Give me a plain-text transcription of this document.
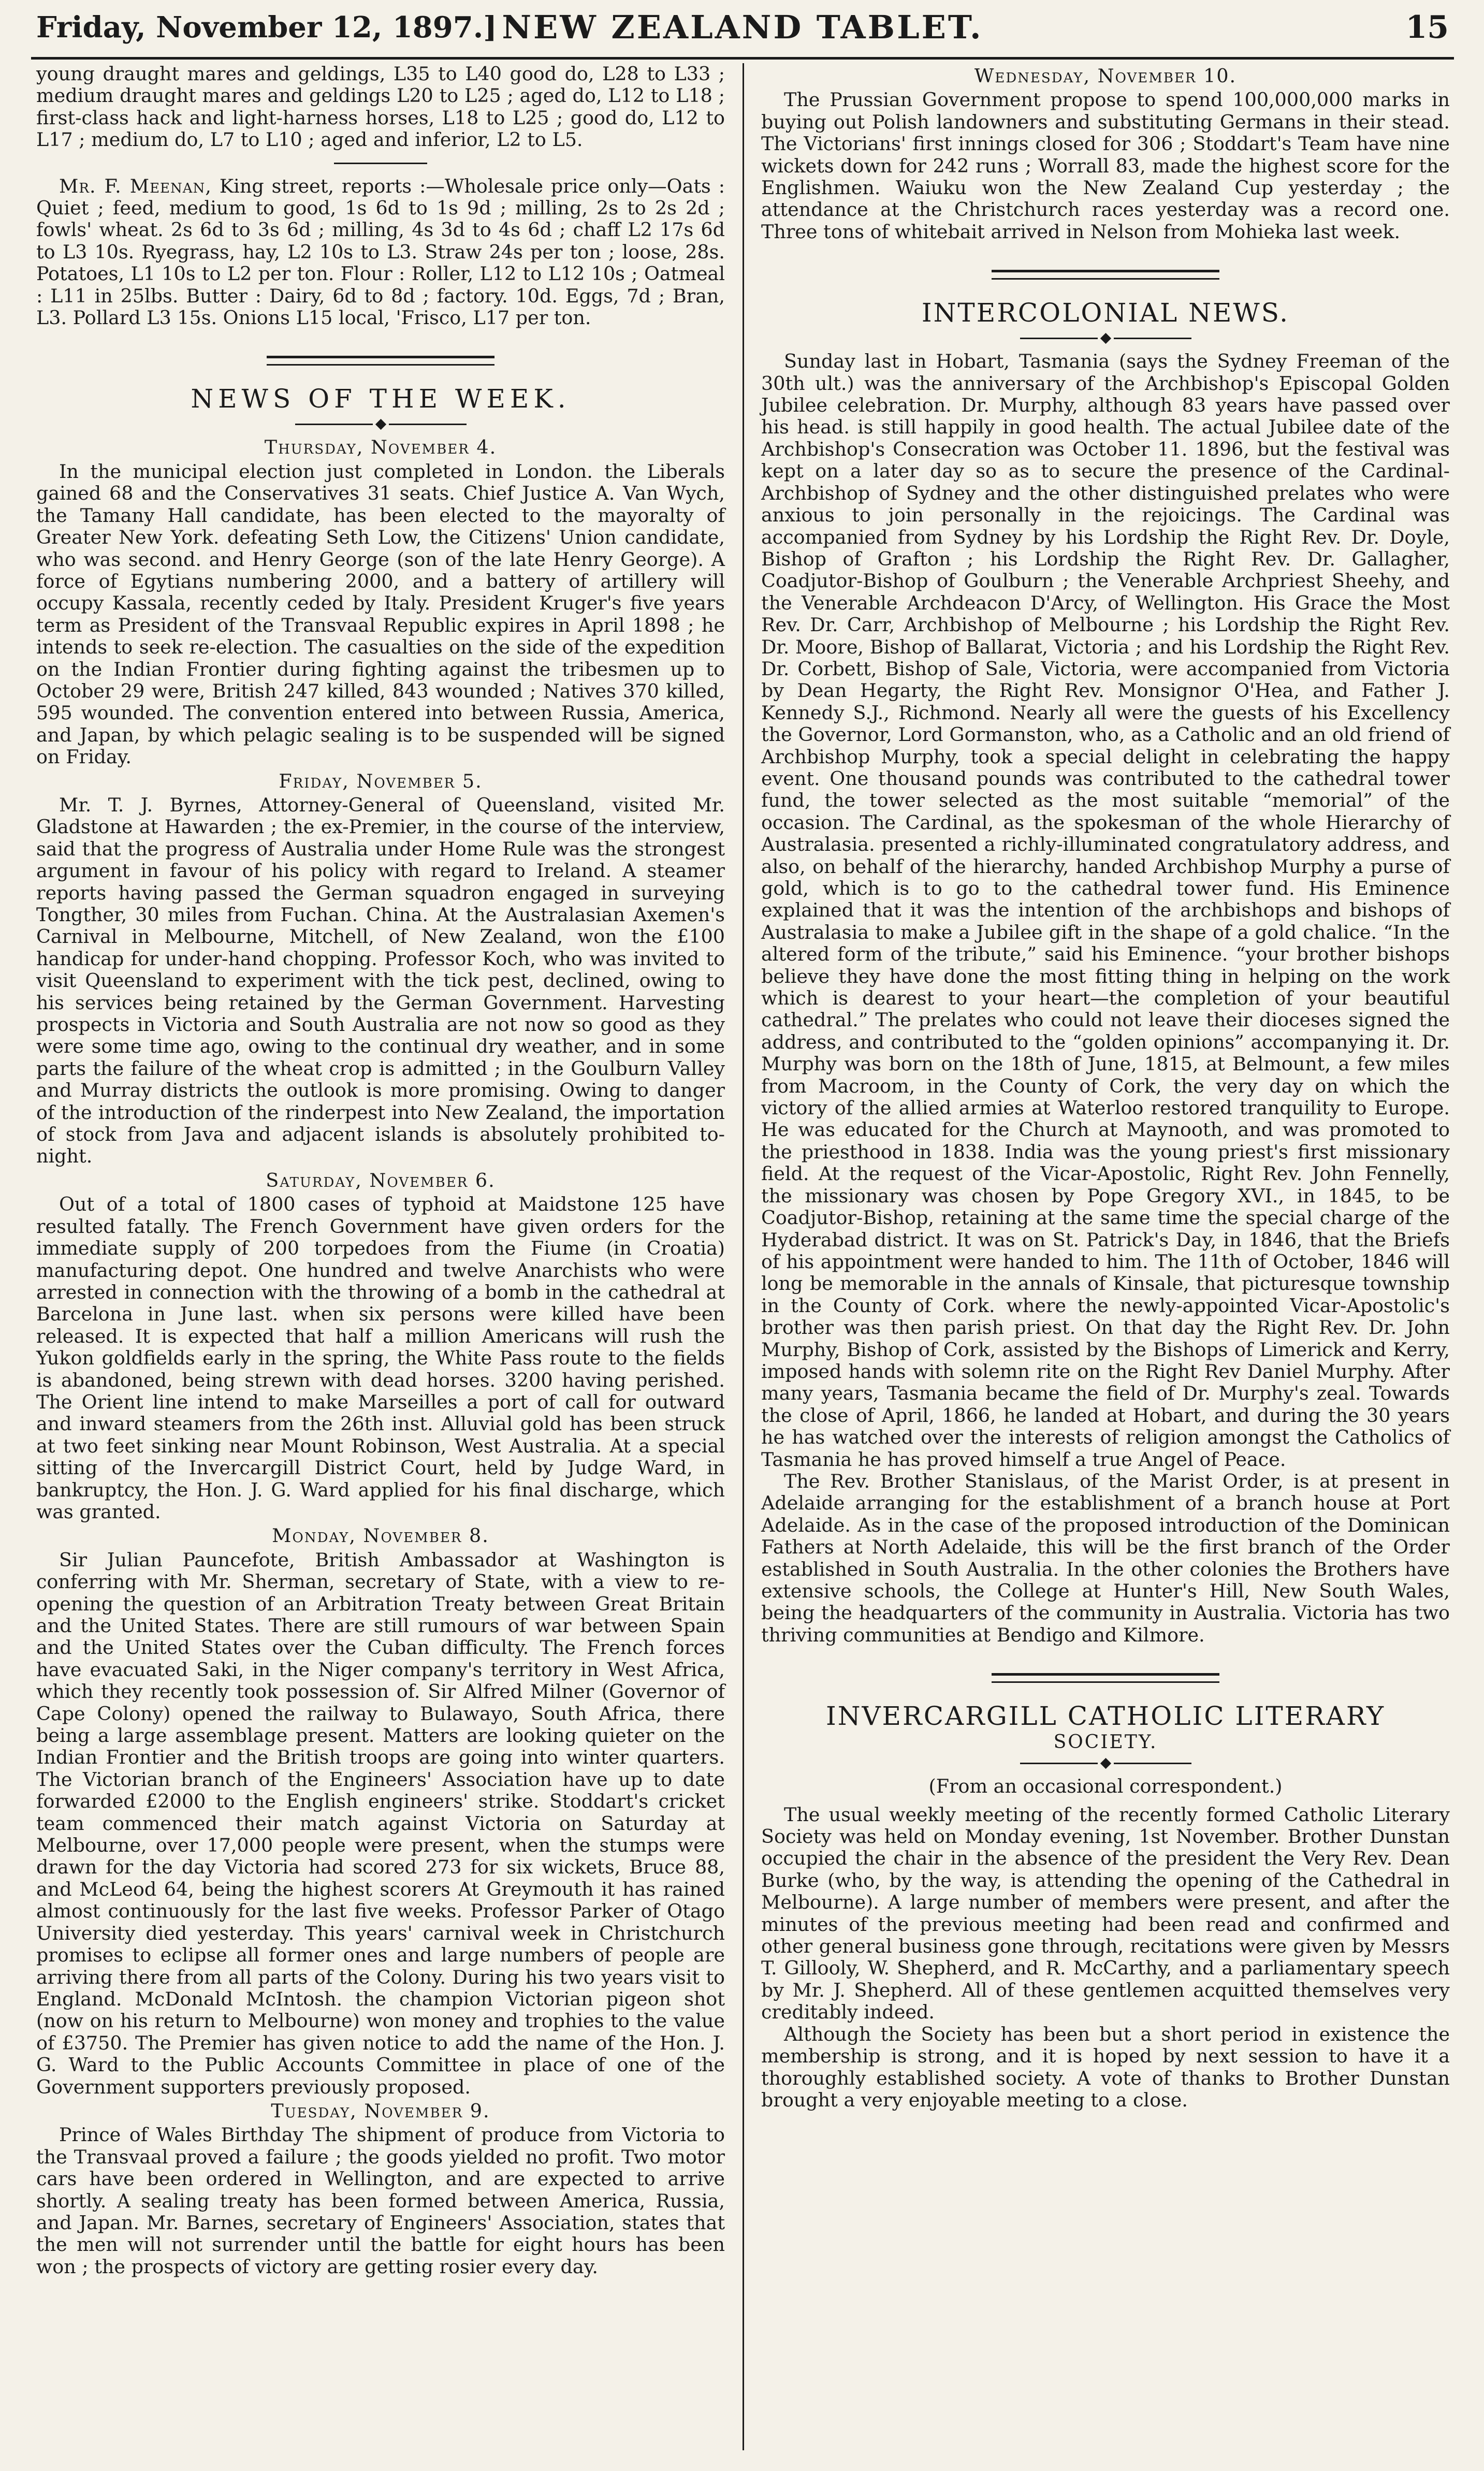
Friday, November 12, 1897.] NEW ZEALAND TABLET.	15

young draught mares and geldings, L35 to L40 good do, L28 to L33 ; medium draught mares and geldings L20 to L25 ; aged do, L12 to L18 ; first-class hack and light-harness horses, L18 to L25 ; good do, L12 to L17 ; medium do, L7 to L10 ; aged and inferior, L2 to L5.

Mr. F. Meenan, King street, reports :—Wholesale price only—Oats : Quiet ; feed, medium to good, 1s 6d to 1s 9d ; milling, 2s to 2s 2d ; fowls' wheat. 2s 6d to 3s 6d ; milling, 4s 3d to 4s 6d ; chaff L2 17s 6d to L3 10s. Ryegrass, hay, L2 10s to L3. Straw 24s per ton ; loose, 28s. Potatoes, L1 10s to L2 per ton. Flour : Roller, L12 to L12 10s ; Oatmeal : L11 in 25lbs. Butter : Dairy, 6d to 8d ; factory. 10d. Eggs, 7d ; Bran, L3. Pollard L3 15s. Onions L15 local, 'Frisco, L17 per ton.

NEWS OF THE WEEK.
Thursday, November 4.

In the municipal election just completed in London. the Liberals gained 68 and the Conservatives 31 seats. Chief Justice A. Van Wych, the Tamany Hall candidate, has been elected to the mayoralty of Greater New York. defeating Seth Low, the Citizens' Union candidate, who was second. and Henry George (son of the late Henry George). A force of Egytians numbering 2000, and a battery of artillery will occupy Kassala, recently ceded by Italy. President Kruger's five years term as President of the Transvaal Republic expires in April 1898 ; he intends to seek re-election. The casualties on the side of the expedition on the Indian Frontier during fighting against the tribesmen up to October 29 were, British 247 killed, 843 wounded ; Natives 370 killed, 595 wounded. The convention entered into between Russia, America, and Japan, by which pelagic sealing is to be suspended will be signed on Friday.

Friday, November 5.

Mr. T. J. Byrnes, Attorney-General of Queensland, visited Mr. Gladstone at Hawarden ; the ex-Premier, in the course of the interview, said that the progress of Australia under Home Rule was the strongest argument in favour of his policy with regard to Ireland. A steamer reports having passed the German squadron engaged in surveying Tongther, 30 miles from Fuchan. China. At the Australasian Axemen's Carnival in Melbourne, Mitchell, of New Zealand, won the £100 handicap for under-hand chopping. Professor Koch, who was invited to visit Queensland to experiment with the tick pest, declined, owing to his services being retained by the German Government. Harvesting prospects in Victoria and South Australia are not now so good as they were some time ago, owing to the continual dry weather, and in some parts the failure of the wheat crop is admitted ; in the Goulburn Valley and Murray districts the outlook is more promising. Owing to danger of the introduction of the rinderpest into New Zealand, the importation of stock from Java and adjacent islands is absolutely prohibited to-night.

Saturday, November 6.

Out of a total of 1800 cases of typhoid at Maidstone 125 have resulted fatally. The French Government have given orders for the immediate supply of 200 torpedoes from the Fiume (in Croatia) manufacturing depot. One hundred and twelve Anarchists who were arrested in connection with the throwing of a bomb in the cathedral at Barcelona in June last. when six persons were killed have been released. It is expected that half a million Americans will rush the Yukon goldfields early in the spring, the White Pass route to the fields is abandoned, being strewn with dead horses. 3200 having perished. The Orient line intend to make Marseilles a port of call for outward and inward steamers from the 26th inst. Alluvial gold has been struck at two feet sinking near Mount Robinson, West Australia. At a special sitting of the Invercargill District Court, held by Judge Ward, in bankruptcy, the Hon. J. G. Ward applied for his final discharge, which was granted.

Monday, November 8.

Sir Julian Pauncefote, British Ambassador at Washington is conferring with Mr. Sherman, secretary of State, with a view to re-opening the question of an Arbitration Treaty between Great Britain and the United States. There are still rumours of war between Spain and the United States over the Cuban difficulty. The French forces have evacuated Saki, in the Niger company's territory in West Africa, which they recently took possession of. Sir Alfred Milner (Governor of Cape Colony) opened the railway to Bulawayo, South Africa, there being a large assemblage present. Matters are looking quieter on the Indian Frontier and the British troops are going into winter quarters. The Victorian branch of the Engineers' Association have up to date forwarded £2000 to the English engineers' strike. Stoddart's cricket team commenced their match against Victoria on Saturday at Melbourne, over 17,000 people were present, when the stumps were drawn for the day Victoria had scored 273 for six wickets, Bruce 88, and McLeod 64, being the highest scorers At Greymouth it has rained almost continuously for the last five weeks. Professor Parker of Otago University died yesterday. This years' carnival week in Christchurch promises to eclipse all former ones and large numbers of people are arriving there from all parts of the Colony. During his two years visit to England. McDonald McIntosh. the champion Victorian pigeon shot (now on his return to Melbourne) won money and trophies to the value of £3750. The Premier has given notice to add the name of the Hon. J. G. Ward to the Public Accounts Committee in place of one of the Government supporters previously proposed.

Tuesday, November 9.

Prince of Wales Birthday The shipment of produce from Victoria to the Transvaal proved a failure ; the goods yielded no profit. Two motor cars have been ordered in Wellington, and are expected to arrive shortly. A sealing treaty has been formed between America, Russia, and Japan. Mr. Barnes, secretary of Engineers' Association, states that the men will not surrender until the battle for eight hours has been won ; the prospects of victory are getting rosier every day.

Wednesday, November 10.

The Prussian Government propose to spend 100,000,000 marks in buying out Polish landowners and substituting Germans in their stead. The Victorians' first innings closed for 306 ; Stoddart's Team have nine wickets down for 242 runs ; Worrall 83, made the highest score for the Englishmen. Waiuku won the New Zealand Cup yesterday ; the attendance at the Christchurch races yesterday was a record one. Three tons of whitebait arrived in Nelson from Mohieka last week.

INTERCOLONIAL NEWS.

Sunday last in Hobart, Tasmania (says the Sydney Freeman of the 30th ult.) was the anniversary of the Archbishop's Episcopal Golden Jubilee celebration. Dr. Murphy, although 83 years have passed over his head. is still happily in good health. The actual Jubilee date of the Archbishop's Consecration was October 11. 1896, but the festival was kept on a later day so as to secure the presence of the Cardinal-Archbishop of Sydney and the other distinguished prelates who were anxious to join personally in the rejoicings. The Cardinal was accompanied from Sydney by his Lordship the Right Rev. Dr. Doyle, Bishop of Grafton ; his Lordship the Right Rev. Dr. Gallagher, Coadjutor-Bishop of Goulburn ; the Venerable Archpriest Sheehy, and the Venerable Archdeacon D'Arcy, of Wellington. His Grace the Most Rev. Dr. Carr, Archbishop of Melbourne ; his Lordship the Right Rev. Dr. Moore, Bishop of Ballarat, Victoria ; and his Lordship the Right Rev. Dr. Corbett, Bishop of Sale, Victoria, were accompanied from Victoria by Dean Hegarty, the Right Rev. Monsignor O'Hea, and Father J. Kennedy S.J., Richmond. Nearly all were the guests of his Excellency the Governor, Lord Gormanston, who, as a Catholic and an old friend of Archbishop Murphy, took a special delight in celebrating the happy event. One thousand pounds was contributed to the cathedral tower fund, the tower selected as the most suitable “memorial” of the occasion. The Cardinal, as the spokesman of the whole Hierarchy of Australasia. presented a richly-illuminated congratulatory address, and also, on behalf of the hierarchy, handed Archbishop Murphy a purse of gold, which is to go to the cathedral tower fund. His Eminence explained that it was the intention of the archbishops and bishops of Australasia to make a Jubilee gift in the shape of a gold chalice. “In the altered form of the tribute,” said his Eminence. “your brother bishops believe they have done the most fitting thing in helping on the work which is dearest to your heart—the completion of your beautiful cathedral.” The prelates who could not leave their dioceses signed the address, and contributed to the “golden opinions” accompanying it. Dr. Murphy was born on the 18th of June, 1815, at Belmount, a few miles from Macroom, in the County of Cork, the very day on which the victory of the allied armies at Waterloo restored tranquility to Europe. He was educated for the Church at Maynooth, and was promoted to the priesthood in 1838. India was the young priest's first missionary field. At the request of the Vicar-Apostolic, Right Rev. John Fennelly, the missionary was chosen by Pope Gregory XVI., in 1845, to be Coadjutor-Bishop, retaining at the same time the special charge of the Hyderabad district. It was on St. Patrick's Day, in 1846, that the Briefs of his appointment were handed to him. The 11th of October, 1846 will long be memorable in the annals of Kinsale, that picturesque township in the County of Cork. where the newly-appointed Vicar-Apostolic's brother was then parish priest. On that day the Right Rev. Dr. John Murphy, Bishop of Cork, assisted by the Bishops of Limerick and Kerry, imposed hands with solemn rite on the Right Rev Daniel Murphy. After many years, Tasmania became the field of Dr. Murphy's zeal. Towards the close of April, 1866, he landed at Hobart, and during the 30 years he has watched over the interests of religion amongst the Catholics of Tasmania he has proved himself a true Angel of Peace.

The Rev. Brother Stanislaus, of the Marist Order, is at present in Adelaide arranging for the establishment of a branch house at Port Adelaide. As in the case of the proposed introduction of the Dominican Fathers at North Adelaide, this will be the first branch of the Order established in South Australia. In the other colonies the Brothers have extensive schools, the College at Hunter's Hill, New South Wales, being the headquarters of the community in Australia. Victoria has two thriving communities at Bendigo and Kilmore.

INVERCARGILL CATHOLIC LITERARY
SOCIETY.

(From an occasional correspondent.)

The usual weekly meeting of the recently formed Catholic Literary Society was held on Monday evening, 1st November. Brother Dunstan occupied the chair in the absence of the president the Very Rev. Dean Burke (who, by the way, is attending the opening of the Cathedral in Melbourne). A large number of members were present, and after the minutes of the previous meeting had been read and confirmed and other general business gone through, recitations were given by Messrs T. Gillooly, W. Shepherd, and R. McCarthy, and a parliamentary speech by Mr. J. Shepherd. All of these gentlemen acquitted themselves very creditably indeed.

Although the Society has been but a short period in existence the membership is strong, and it is hoped by next session to have it a thoroughly established society. A vote of thanks to Brother Dunstan brought a very enjoyable meeting to a close.
